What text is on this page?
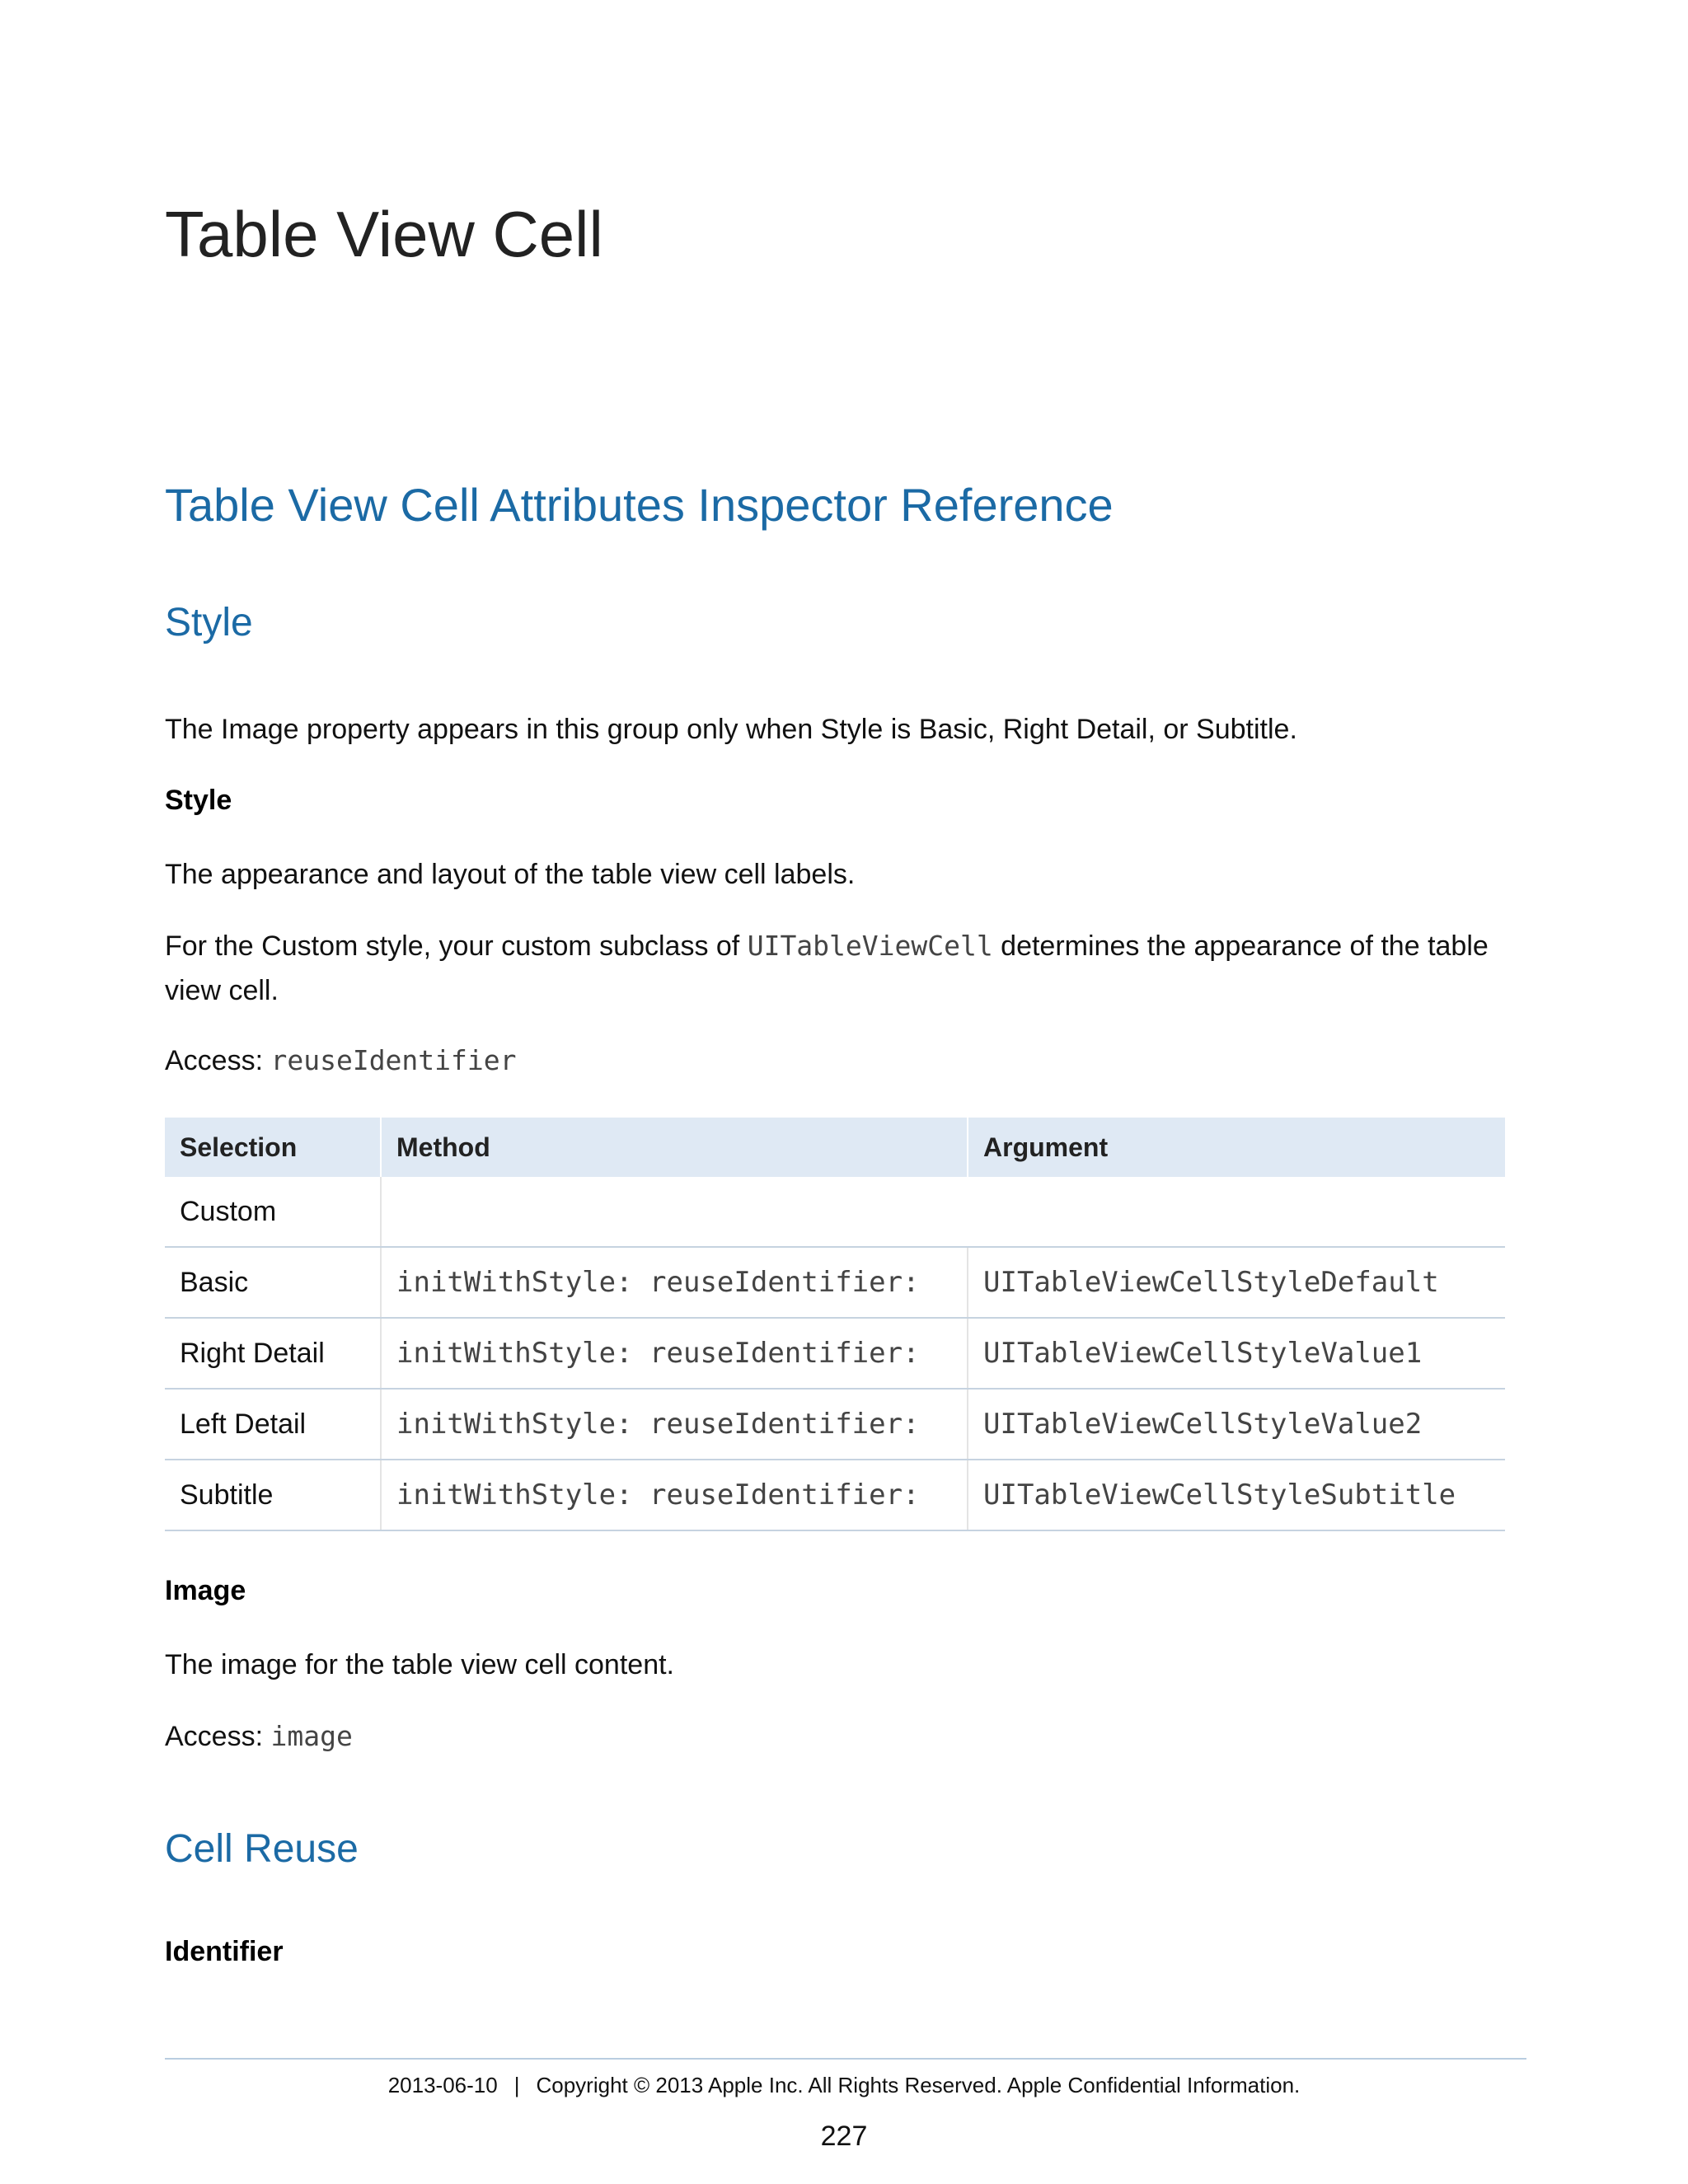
Table View Cell
Table View Cell Attributes Inspector Reference
Style

The Image property appears in this group only when Style is Basic, Right Detail, or Subtitle.

Style

The appearance and layout of the table view cell labels.

For the Custom style, your custom subclass of UITableViewCell determines the appearance of the table view cell.

Access: reuseIdentifier

Selection	Method	Argument
Custom		
Basic	initWithStyle: reuseIdentifier:	UITableViewCellStyleDefault
Right Detail	initWithStyle: reuseIdentifier:	UITableViewCellStyleValue1
Left Detail	initWithStyle: reuseIdentifier:	UITableViewCellStyleValue2
Subtitle	initWithStyle: reuseIdentifier:	UITableViewCellStyleSubtitle
Image

The image for the table view cell content.

Access: image

Cell Reuse
Identifier
2013-06-10 | Copyright © 2013 Apple Inc. All Rights Reserved. Apple Confidential Information.
227
